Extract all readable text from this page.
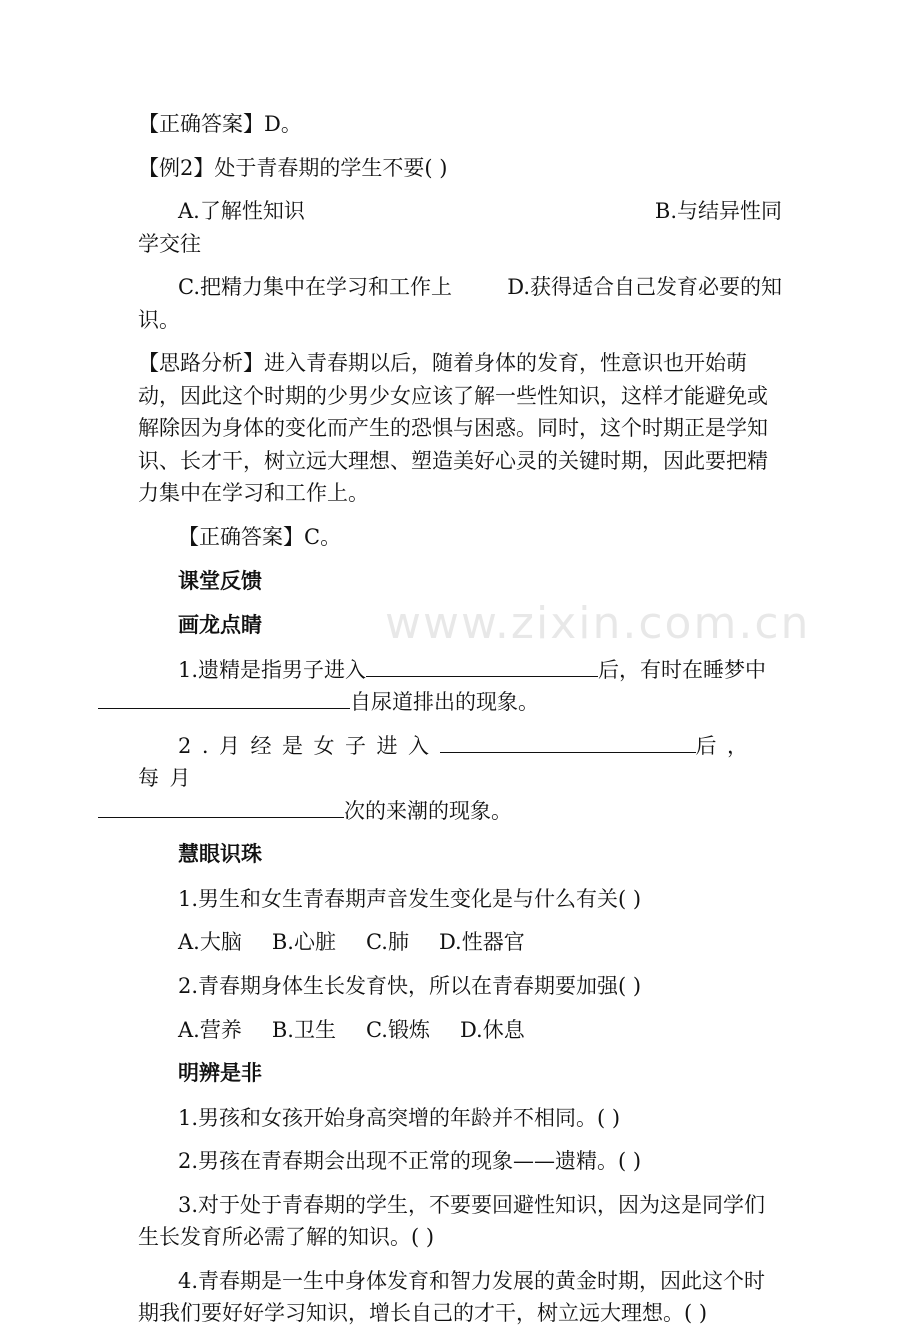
www.zixin.com.cn

【正确答案】D。

【例2】处于青春期的学生不要( )

A.了解性知识	B.与结异性同

学交往

C.把精力集中在学习和工作上	D.获得适合自己发育必要的知

识。

【思路分析】进入青春期以后，随着身体的发育，性意识也开始萌动，因此这个时期的少男少女应该了解一些性知识，这样才能避免或解除因为身体的变化而产生的恐惧与困惑。同时，这个时期正是学知识、长才干，树立远大理想、塑造美好心灵的关键时期，因此要把精力集中在学习和工作上。

【正确答案】C。

课堂反馈

画龙点睛

1.遗精是指男子进入	后，有时在睡梦中
自尿道排出的现象。

2.月经是女子进入	后，每月
次的来潮的现象。

慧眼识珠

1.男生和女生青春期声音发生变化是与什么有关( )

A.大脑 B.心脏 C.肺 D.性器官

2.青春期身体生长发育快，所以在青春期要加强( )

A.营养 B.卫生 C.锻炼 D.休息

明辨是非

1.男孩和女孩开始身高突增的年龄并不相同。( )

2.男孩在青春期会出现不正常的现象——遗精。( )

3.对于处于青春期的学生，不要要回避性知识，因为这是同学们生长发育所必需了解的知识。( )

4.青春期是一生中身体发育和智力发展的黄金时期，因此这个时期我们要好好学习知识，增长自己的才干，树立远大理想。( )
